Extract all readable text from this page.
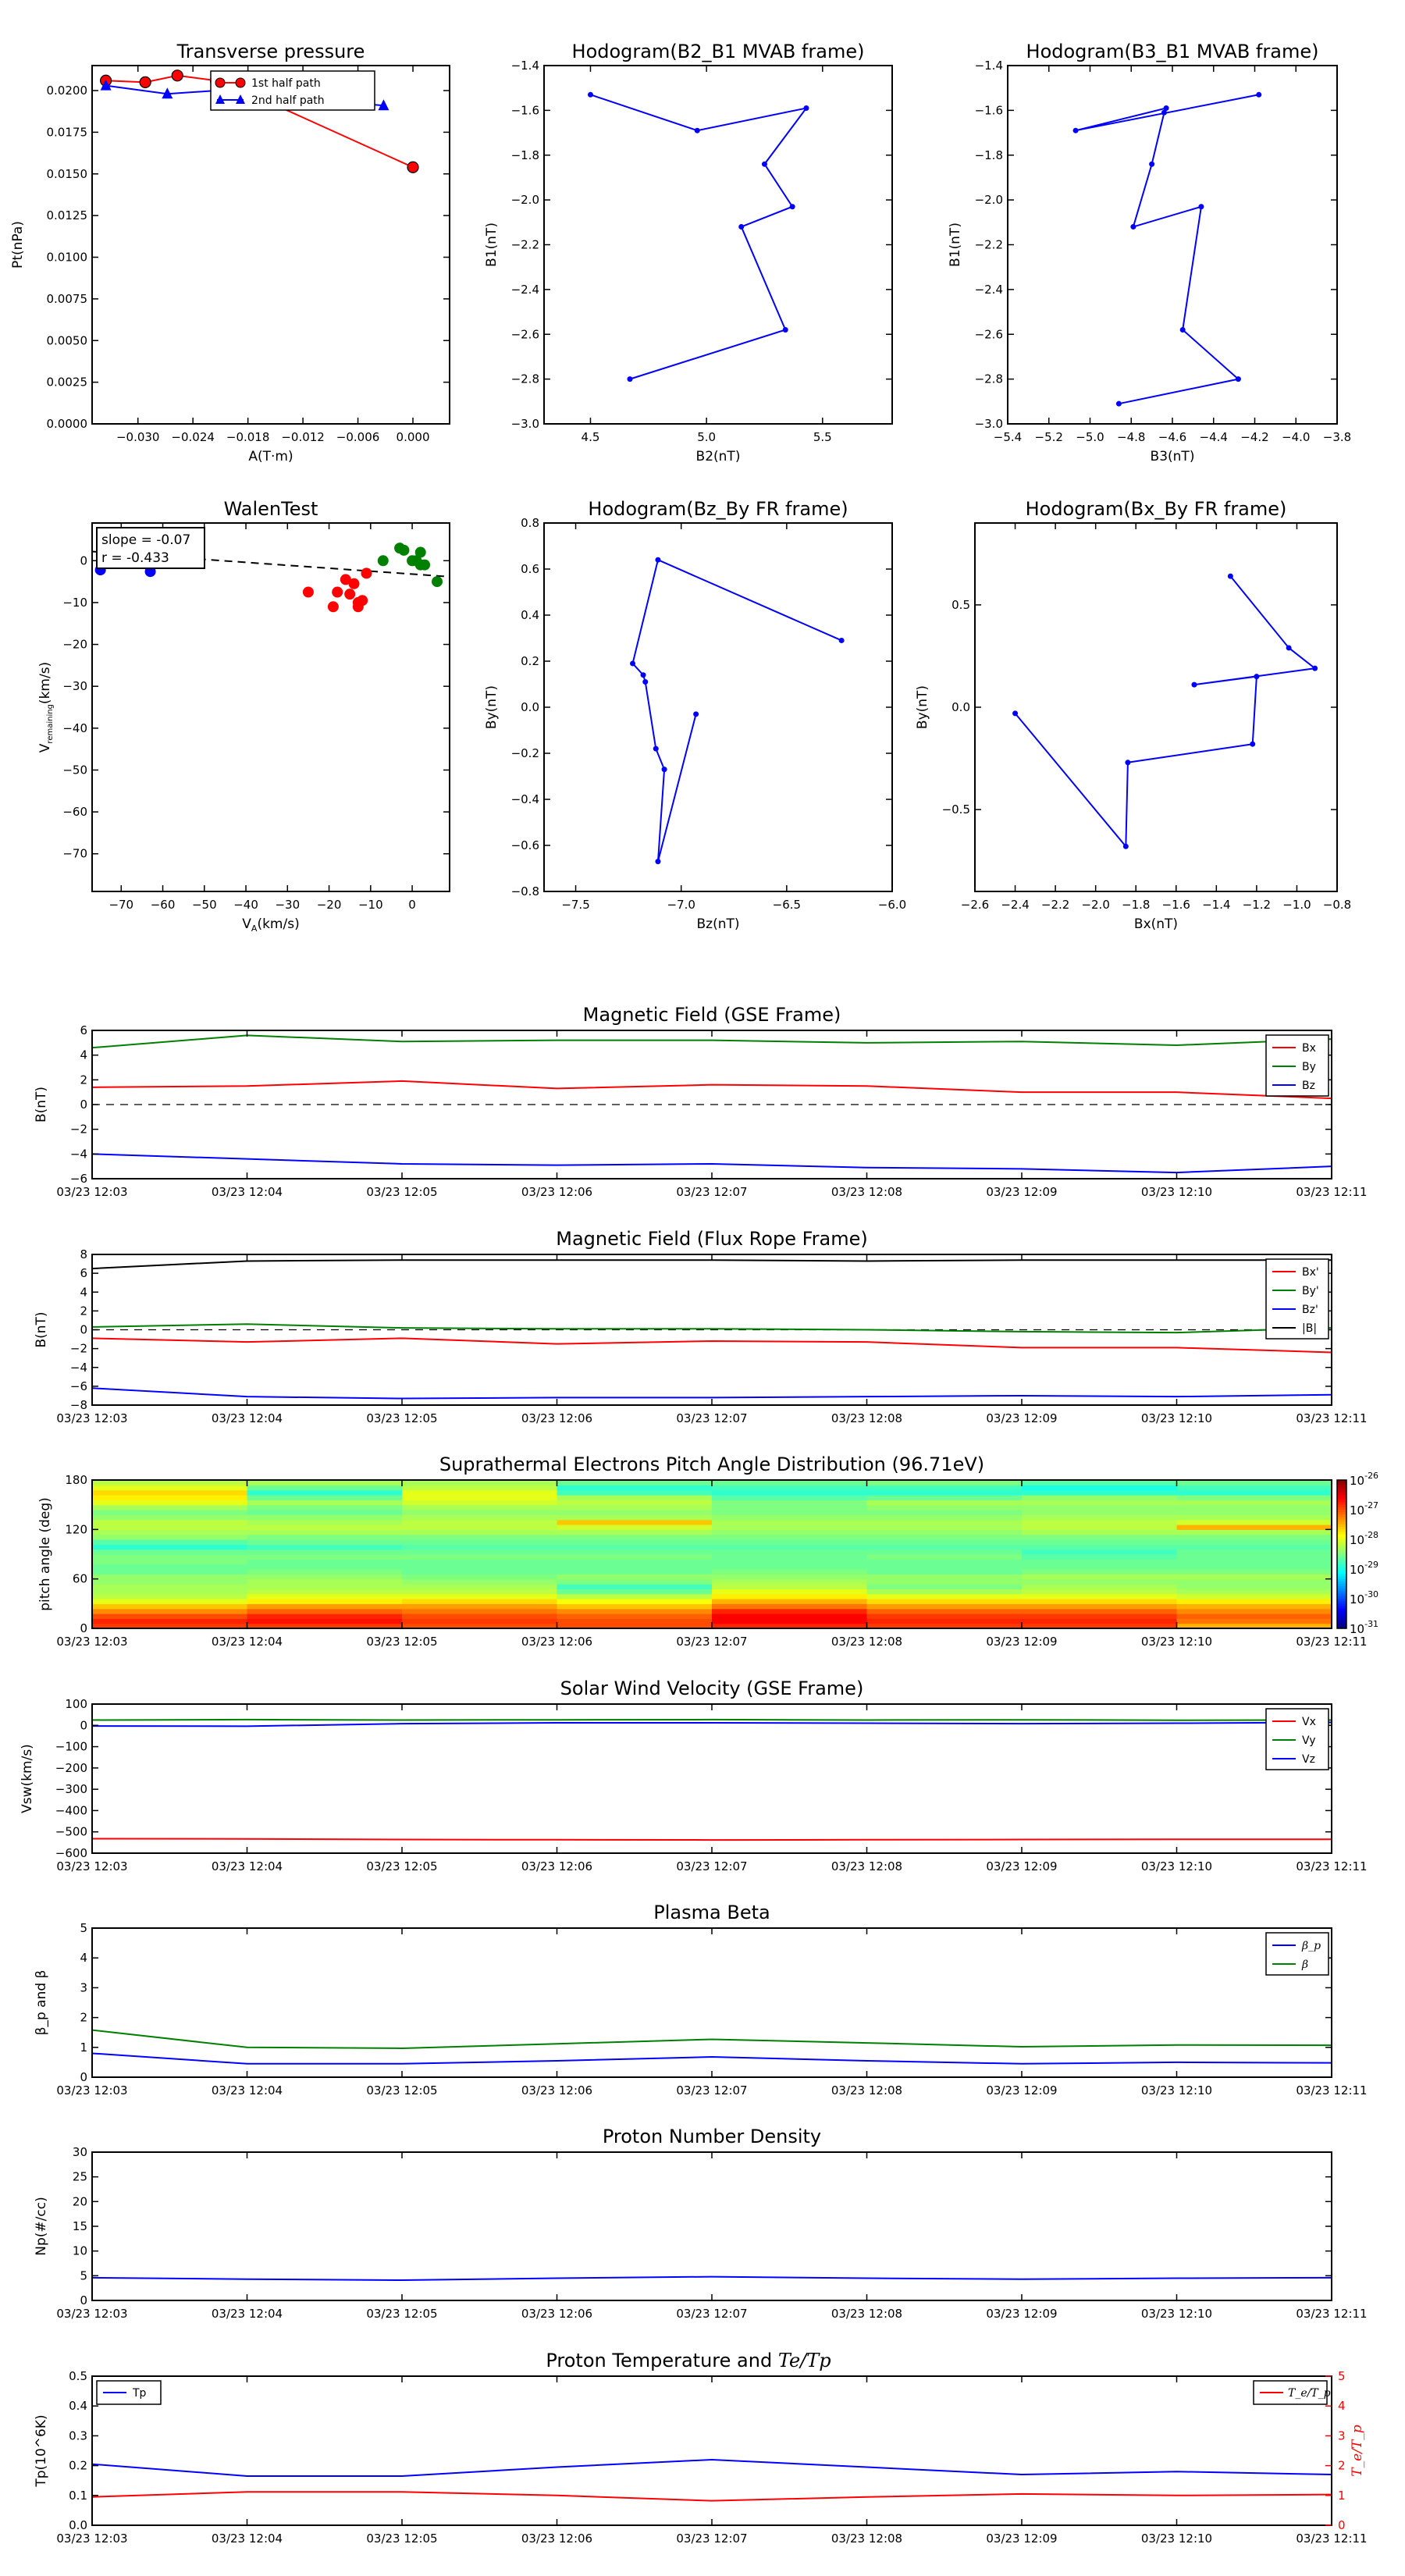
Transverse pressure
−0.030 −0.024 −0.018 −0.012 −0.006 0.000
0.0000
0.0025
0.0050
0.0075
0.0100
0.0125
0.0150
0.0175
0.0200
A(T·m)
Pt(nPa)
1st half path
2nd half path
Hodogram(B2_B1 MVAB frame)
4.5	5.0	5.5
−3.0
−2.8
−2.6
−2.4
−2.2
−2.0
−1.8
−1.6
−1.4
B2(nT)
B1(nT)
Hodogram(B3_B1 MVAB frame)
−5.4 −5.2 −5.0 −4.8 −4.6 −4.4 −4.2 −4.0 −3.8
−3.0
−2.8
−2.6
−2.4
−2.2
−2.0
−1.8
−1.6
−1.4
B3(nT)
B1(nT)
WalenTest
−70 −60 −50 −40 −30 −20 −10 0
−70
−60
−50
−40
−30
−20
−10
0
$V_A(km/s)$
$V_{remaining}(km/s)$
slope = -0.07
r = -0.433
Hodogram(Bz_By FR frame)
−7.5	−7.0	−6.5	−6.0
−0.8
−0.6
−0.4
−0.2
0.0
0.2
0.4
0.6
0.8
Bz(nT)
By(nT)
Hodogram(Bx_By FR frame)
−2.6 −2.4 −2.2 −2.0 −1.8 −1.6 −1.4 −1.2 −1.0 −0.8
−0.5
0.0
0.5
Bx(nT)
By(nT)
Magnetic Field (GSE Frame)
03/23 12:03	03/23 12:04	03/23 12:05	03/23 12:06	03/23 12:07	03/23 12:08	03/23 12:09	03/23 12:10	03/23 12:11
−6
−4
−2
0
2
4
6
B(nT)
Bx
By
Bz
Magnetic Field (Flux Rope Frame)
03/23 12:03	03/23 12:04	03/23 12:05	03/23 12:06	03/23 12:07	03/23 12:08	03/23 12:09	03/23 12:10	03/23 12:11
−8
−6
−4
−2
0
2
4
6
8
B(nT)
Bx'
By'
Bz'
|B|
Suprathermal Electrons Pitch Angle Distribution (96.71eV)
$10^{-26}$
$10^{-27}$
$10^{-28}$
$10^{-29}$
$10^{-30}$
$10^{-31}$
03/23 12:03	03/23 12:04	03/23 12:05	03/23 12:06	03/23 12:07	03/23 12:08	03/23 12:09	03/23 12:10	03/23 12:11
0
60
120
180
pitch angle (deg)
Solar Wind Velocity (GSE Frame)
03/23 12:03	03/23 12:04	03/23 12:05	03/23 12:06	03/23 12:07	03/23 12:08	03/23 12:09	03/23 12:10	03/23 12:11
−600
−500
−400
−300
−200
−100
0
100
Vsw(km/s)
Vx
Vy
Vz
Plasma Beta
03/23 12:03	03/23 12:04	03/23 12:05	03/23 12:06	03/23 12:07	03/23 12:08	03/23 12:09	03/23 12:10	03/23 12:11
0
1
2
3
4
5
β_p and β
β_p
β
Proton Number Density
03/23 12:03	03/23 12:04	03/23 12:05	03/23 12:06	03/23 12:07	03/23 12:08	03/23 12:09	03/23 12:10	03/23 12:11
0
5
10
15
20
25
30
Np(#/cc)
Proton Temperature and Te/Tp
03/23 12:03	03/23 12:04	03/23 12:05	03/23 12:06	03/23 12:07	03/23 12:08	03/23 12:09	03/23 12:10	03/23 12:11
0.0
0.1
0.2
0.3
0.4
0.5
0
1
2
3
4
5
T_e/T_p
Tp(10^6K)
Tp	T_e/T_p
